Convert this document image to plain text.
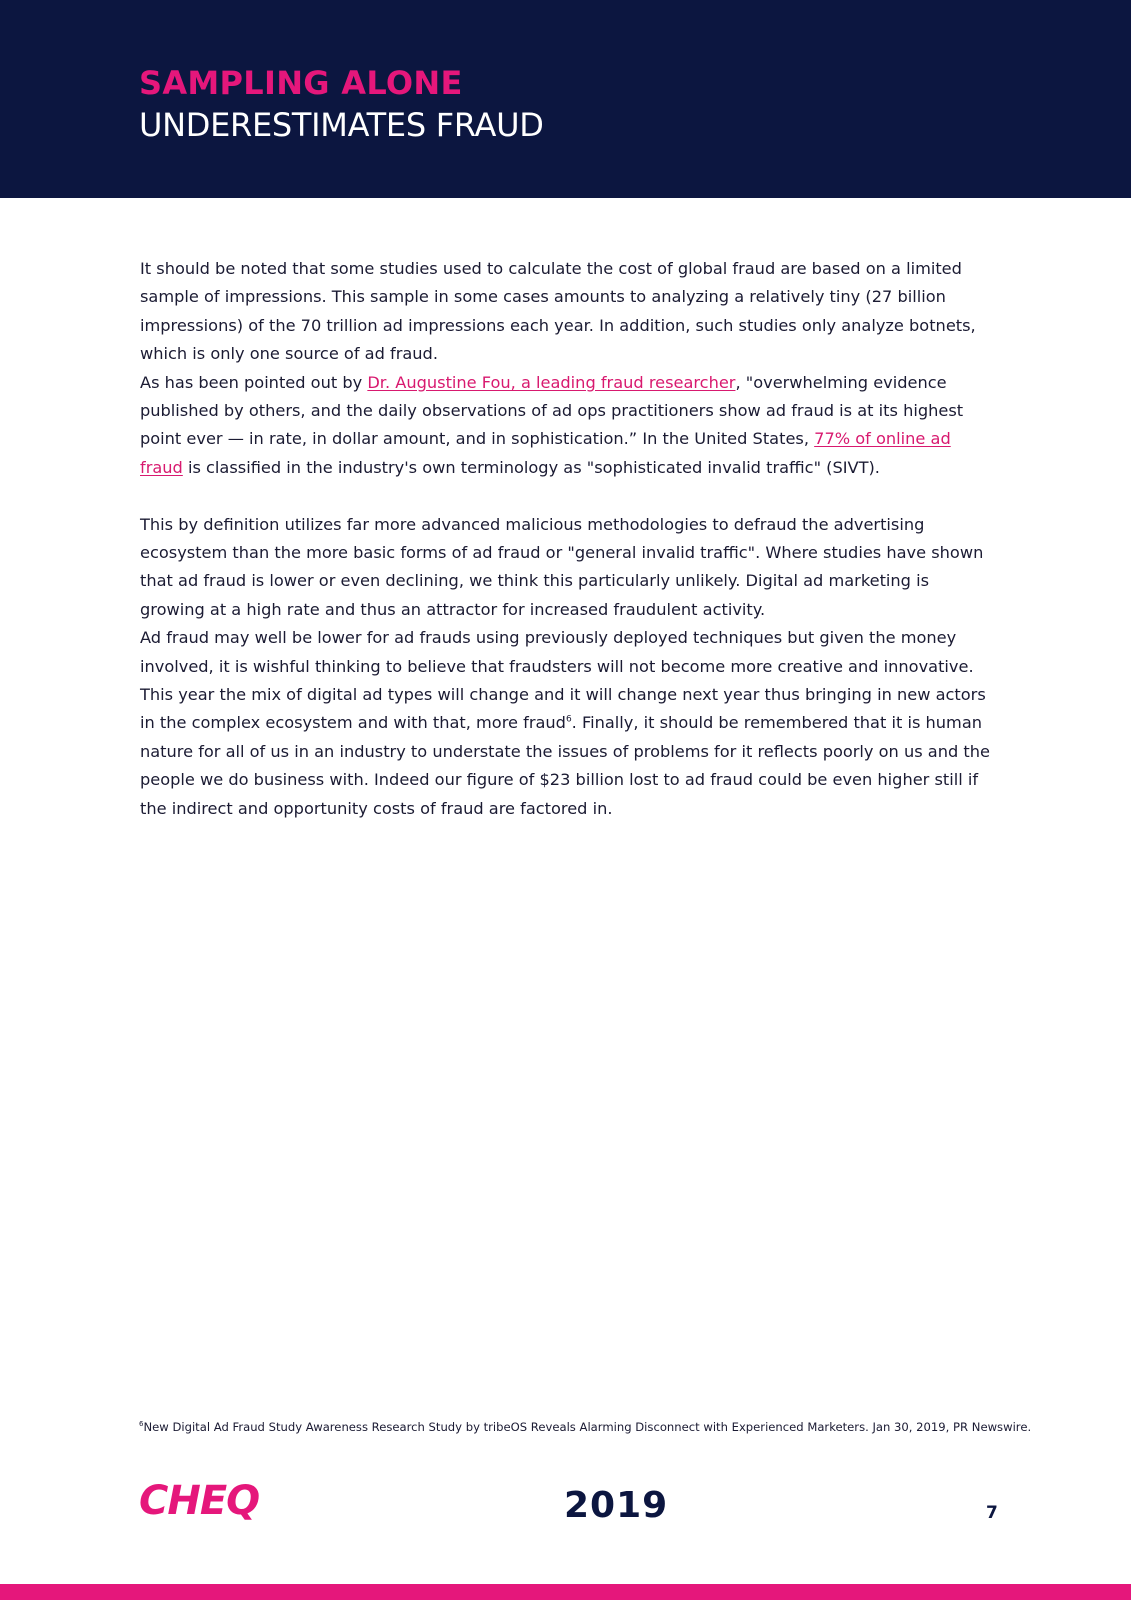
SAMPLING ALONE
UNDERESTIMATES FRAUD

It should be noted that some studies used to calculate the cost of global fraud are based on a limited sample of impressions. This sample in some cases amounts to analyzing a relatively tiny (27 billion impressions) of the 70 trillion ad impressions each year. In addition, such studies only analyze botnets, which is only one source of ad fraud.

As has been pointed out by Dr. Augustine Fou, a leading fraud researcher, "overwhelming evidence published by others, and the daily observations of ad ops practitioners show ad fraud is at its highest point ever — in rate, in dollar amount, and in sophistication.” In the United States, 77% of online ad fraud is classified in the industry's own terminology as "sophisticated invalid traffic" (SIVT).

This by definition utilizes far more advanced malicious methodologies to defraud the advertising ecosystem than the more basic forms of ad fraud or "general invalid traffic". Where studies have shown that ad fraud is lower or even declining, we think this particularly unlikely. Digital ad marketing is growing at a high rate and thus an attractor for increased fraudulent activity.

Ad fraud may well be lower for ad frauds using previously deployed techniques but given the money involved, it is wishful thinking to believe that fraudsters will not become more creative and innovative. This year the mix of digital ad types will change and it will change next year thus bringing in new actors in the complex ecosystem and with that, more fraud$^6$. Finally, it should be remembered that it is human nature for all of us in an industry to understate the issues of problems for it reflects poorly on us and the people we do business with. Indeed our figure of $23 billion lost to ad fraud could be even higher still if the indirect and opportunity costs of fraud are factored in.

$^6$New Digital Ad Fraud Study Awareness Research Study by tribeOS Reveals Alarming Disconnect with Experienced Marketers. Jan 30, 2019, PR Newswire.
CHEQ	2019	7
